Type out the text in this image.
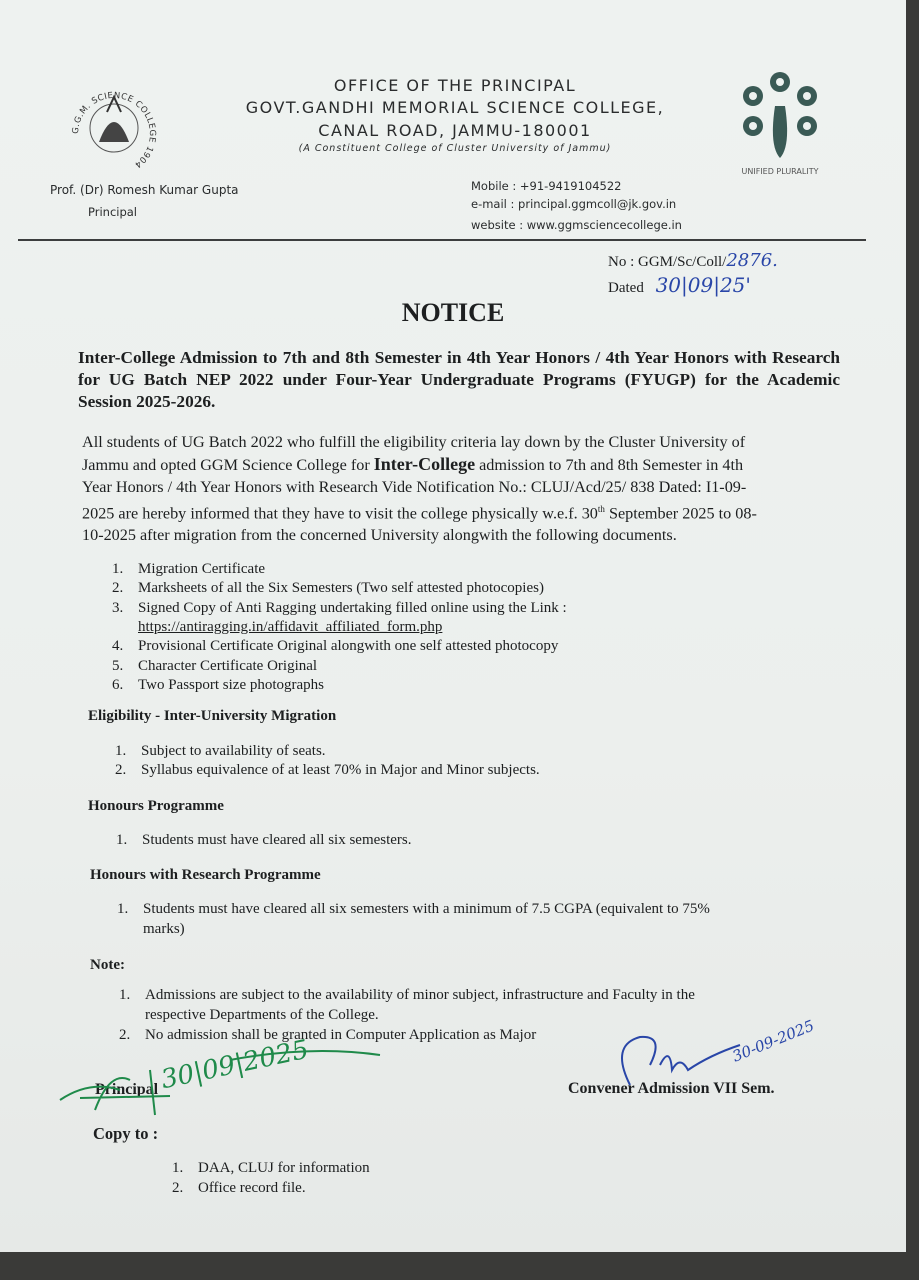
G.G.M. SCIENCE COLLEGE 1904
OFFICE OF THE PRINCIPAL
GOVT.GANDHI MEMORIAL SCIENCE COLLEGE,
CANAL ROAD, JAMMU-180001
(A Constituent College of Cluster University of Jammu)
UNIFIED PLURALITY
Prof. (Dr) Romesh Kumar Gupta
Principal
Mobile : +91-9419104522
e-mail : principal.ggmcoll@jk.gov.in
website : www.ggmsciencecollege.in
No : GGM/Sc/Coll/2876.
Dated 30|09|25'
NOTICE
Inter-College Admission to 7th and 8th Semester in 4th Year Honors / 4th Year Honors with Research for UG Batch NEP 2022 under Four-Year Undergraduate Programs (FYUGP) for the Academic Session 2025-2026.
All students of UG Batch 2022 who fulfill the eligibility criteria lay down by the Cluster University of
Jammu and opted GGM Science College for Inter-College admission to 7th and 8th Semester in 4th
Year Honors / 4th Year Honors with Research Vide Notification No.: CLUJ/Acd/25/ 838 Dated: I1-09-
2025 are hereby informed that they have to visit the college physically w.e.f. 30th September 2025 to 08-
10-2025 after migration from the concerned University alongwith the following documents.
1. Migration Certificate
2. Marksheets of all the Six Semesters (Two self attested photocopies)
3. Signed Copy of Anti Ragging undertaking filled online using the Link :
https://antiragging.in/affidavit_affiliated_form.php
4. Provisional Certificate Original alongwith one self attested photocopy
5. Character Certificate Original
6. Two Passport size photographs
Eligibility - Inter-University Migration
1. Subject to availability of seats.
2. Syllabus equivalence of at least 70% in Major and Minor subjects.
Honours Programme
1. Students must have cleared all six semesters.
Honours with Research Programme
1. Students must have cleared all six semesters with a minimum of 7.5 CGPA (equivalent to 75%
marks)
Note:
1. Admissions are subject to the availability of minor subject, infrastructure and Faculty in the
respective Departments of the College.
2. No admission shall be granted in Computer Application as Major
Principal	Convener Admission VII Sem.
30|09|2025	30-09-2025
Copy to :
1. DAA, CLUJ for information
2. Office record file.
